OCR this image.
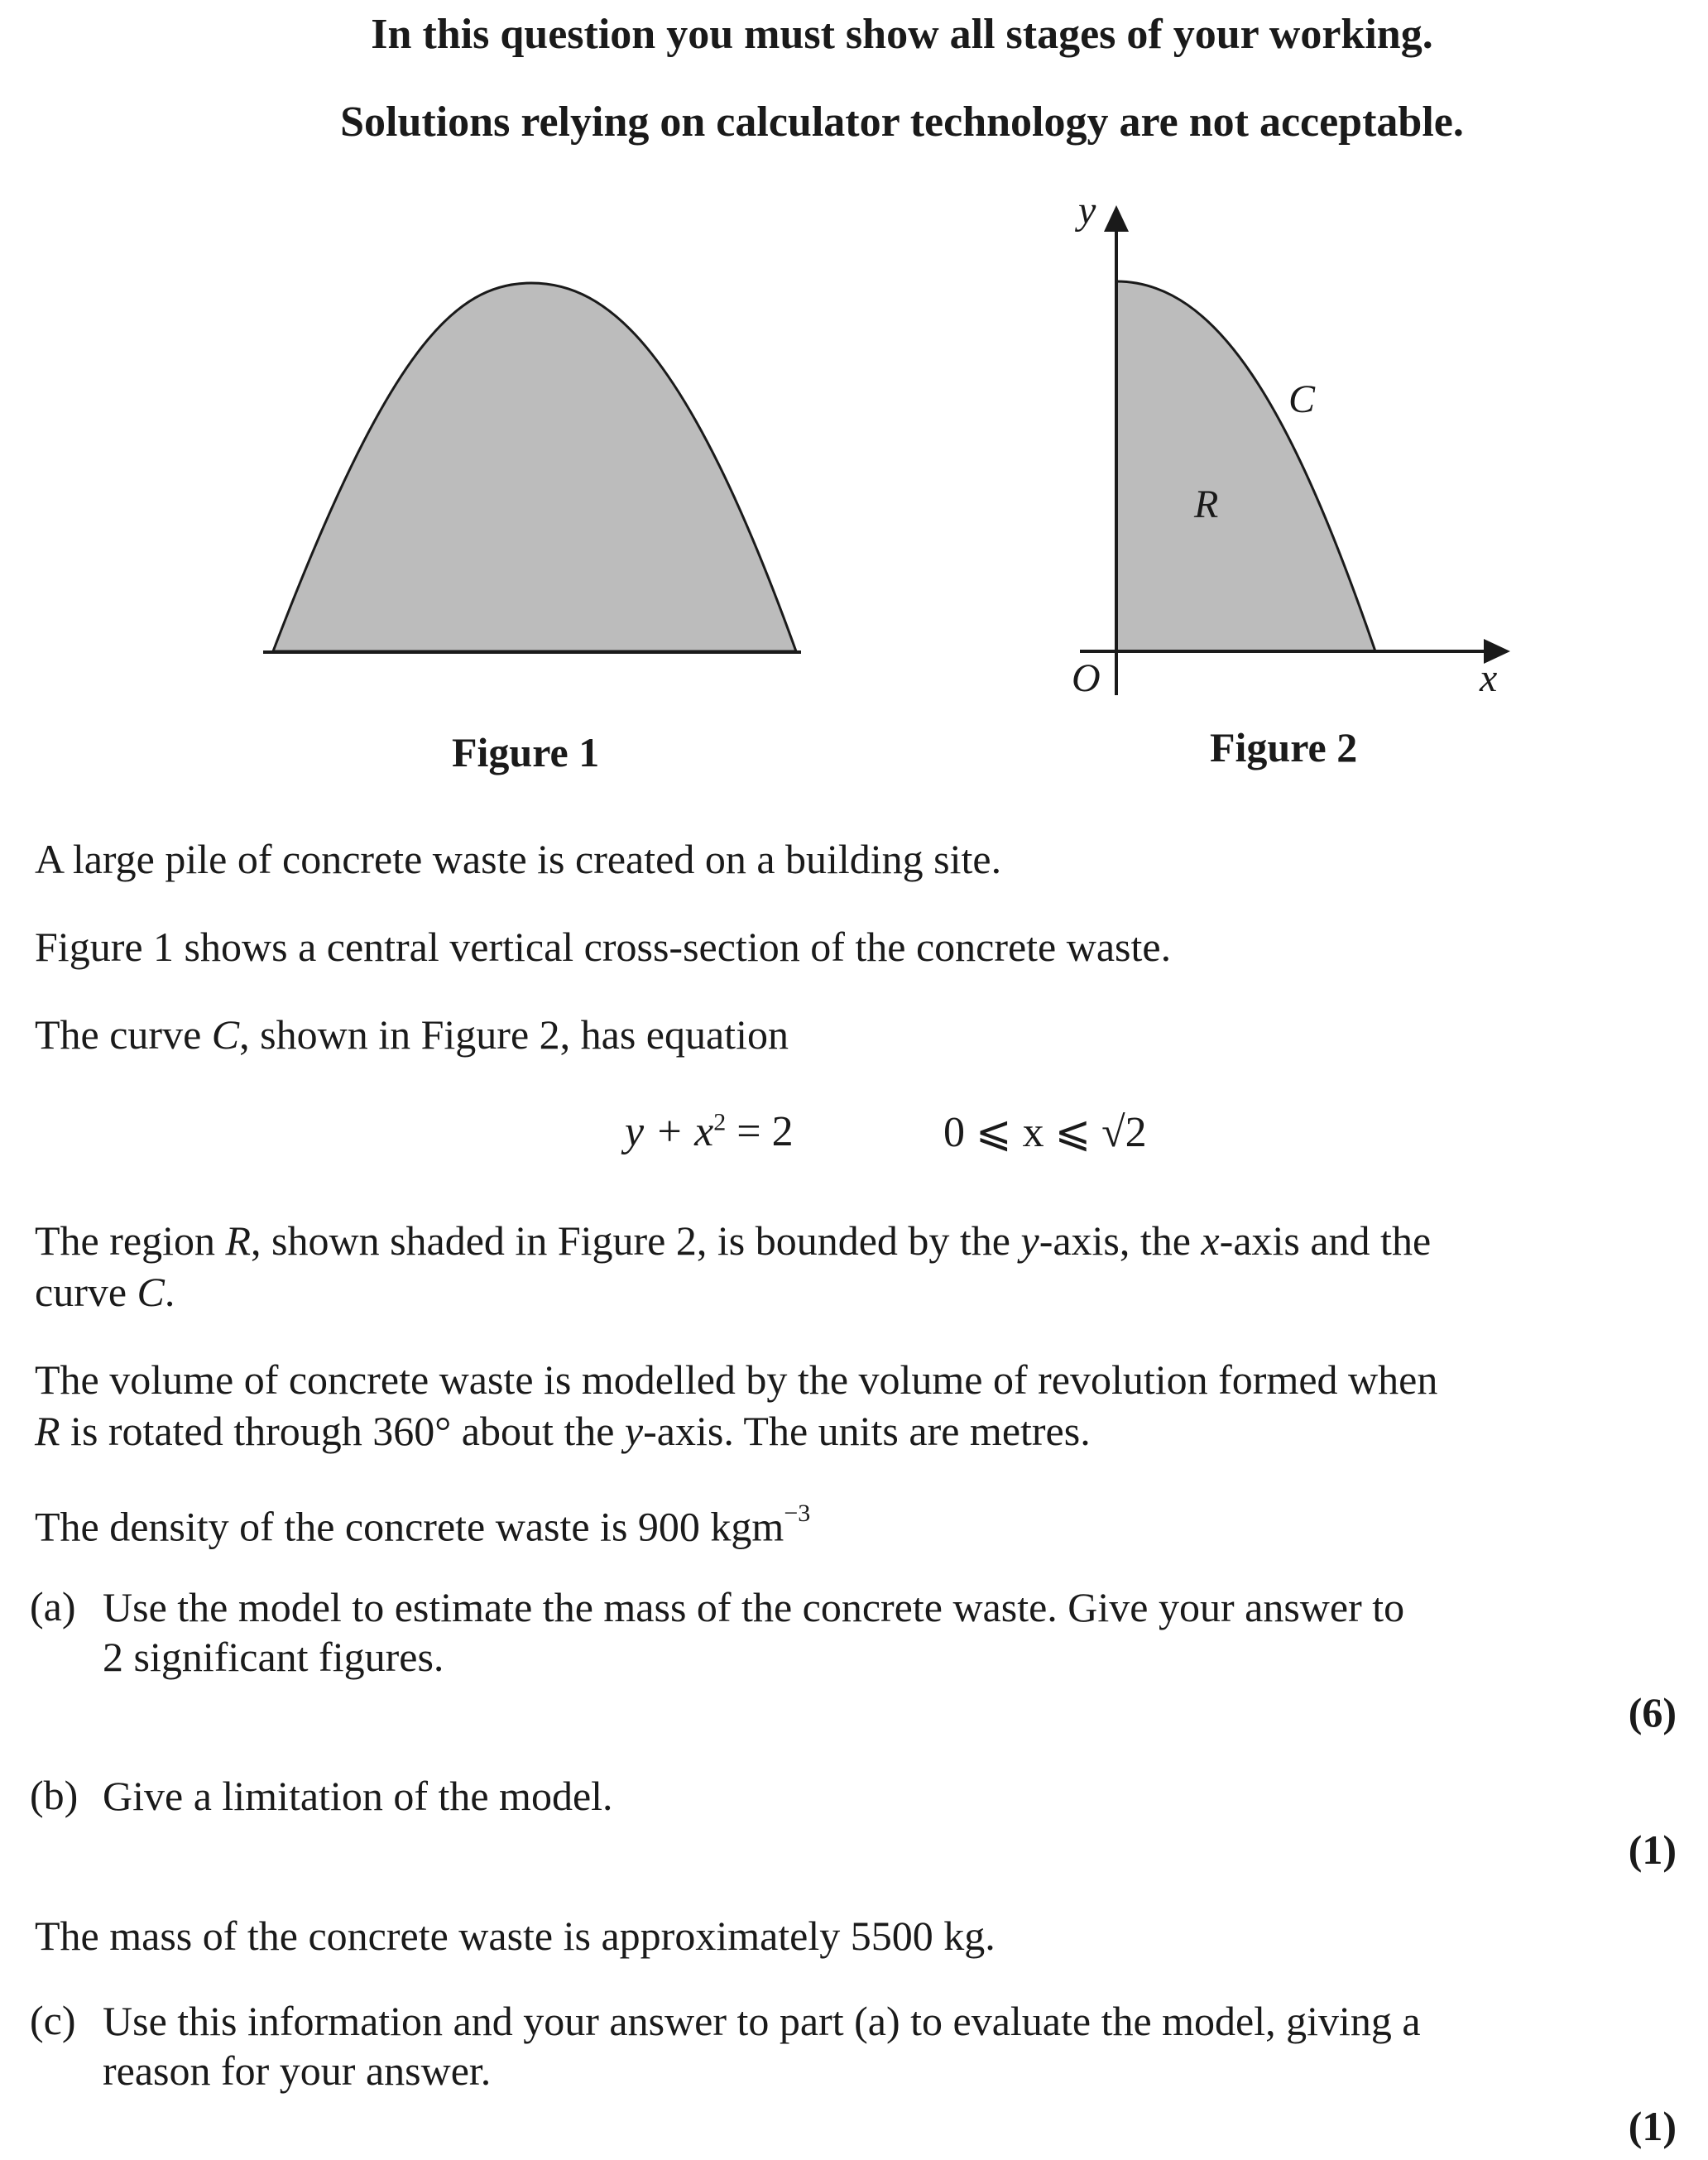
In this question you must show all stages of your working.
Solutions relying on calculator technology are not acceptable.
Figure 1
y
x
O
C
R
Figure 2
A large pile of concrete waste is created on a building site.
Figure 1 shows a central vertical cross-section of the concrete waste.
The curve C, shown in Figure 2, has equation
$y + x^2 = 2$	0 ⩽ x ⩽ √2
The region R, shown shaded in Figure 2, is bounded by the y-axis, the x-axis and the
curve C.
The volume of concrete waste is modelled by the volume of revolution formed when
R is rotated through 360° about the y-axis. The units are metres.
The density of the concrete waste is 900 kgm$^{-3}$
(a) Use the model to estimate the mass of the concrete waste. Give your answer to
2 significant figures.
(6)
(b) Give a limitation of the model.
(1)
The mass of the concrete waste is approximately 5500 kg.
(c) Use this information and your answer to part (a) to evaluate the model, giving a
reason for your answer.
(1)
